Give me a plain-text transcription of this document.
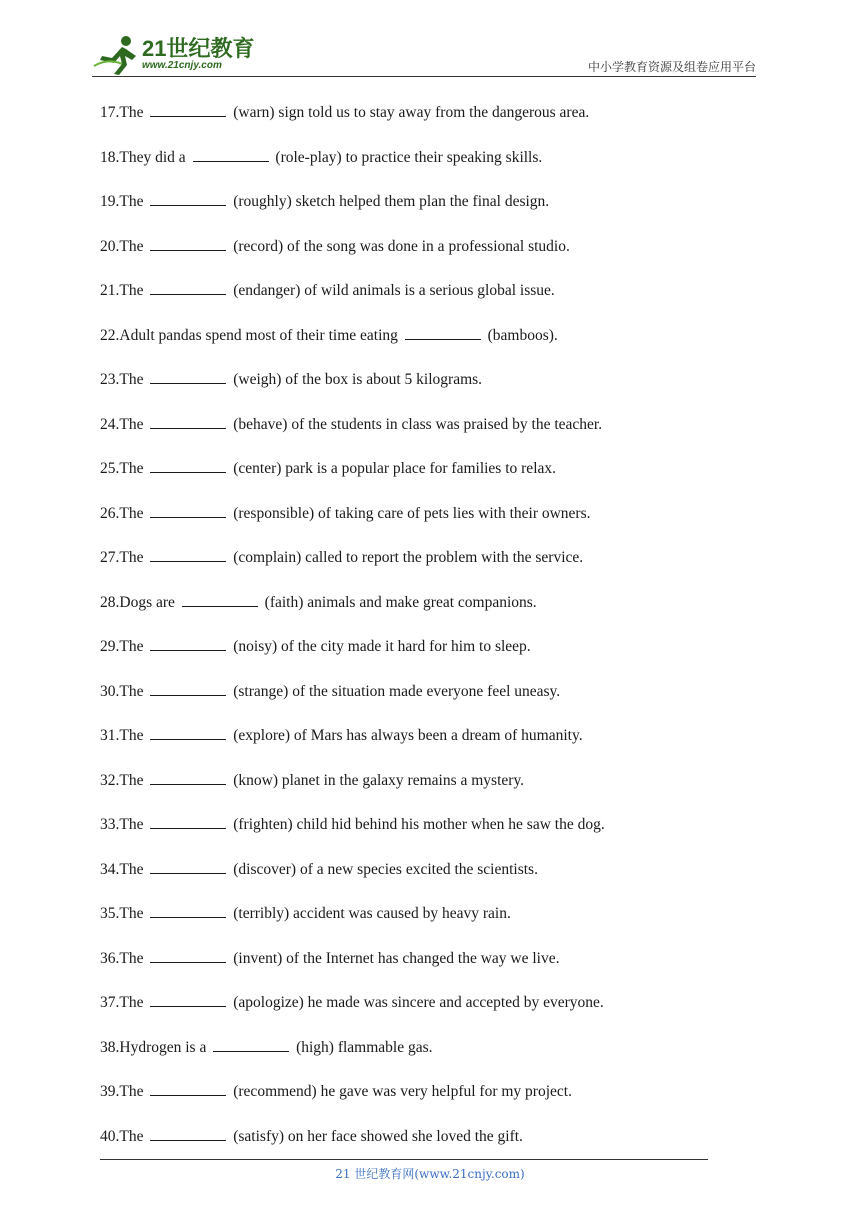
21世纪教育
www.21cnjy.com	中小学教育资源及组卷应用平台
17.The	(warn) sign told us to stay away from the dangerous area.
18.They did a	(role-play) to practice their speaking skills.
19.The	(roughly) sketch helped them plan the final design.
20.The	(record) of the song was done in a professional studio.
21.The	(endanger) of wild animals is a serious global issue.
22.Adult pandas spend most of their time eating	(bamboos).
23.The	(weigh) of the box is about 5 kilograms.
24.The	(behave) of the students in class was praised by the teacher.
25.The	(center) park is a popular place for families to relax.
26.The	(responsible) of taking care of pets lies with their owners.
27.The	(complain) called to report the problem with the service.
28.Dogs are	(faith) animals and make great companions.
29.The	(noisy) of the city made it hard for him to sleep.
30.The	(strange) of the situation made everyone feel uneasy.
31.The	(explore) of Mars has always been a dream of humanity.
32.The	(know) planet in the galaxy remains a mystery.
33.The	(frighten) child hid behind his mother when he saw the dog.
34.The	(discover) of a new species excited the scientists.
35.The	(terribly) accident was caused by heavy rain.
36.The	(invent) of the Internet has changed the way we live.
37.The	(apologize) he made was sincere and accepted by everyone.
38.Hydrogen is a	(high) flammable gas.
39.The	(recommend) he gave was very helpful for my project.
40.The	(satisfy) on her face showed she loved the gift.
21 世纪教育网(www.21cnjy.com)
